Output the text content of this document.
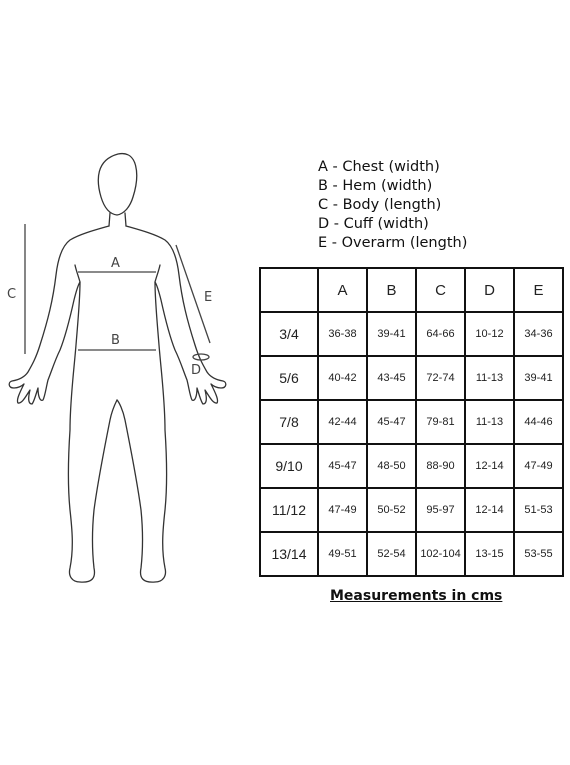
A
B
C
D
E
A - Chest (width)
B - Hem (width)
C - Body (length)
D - Cuff (width)
E - Overarm (length)
	A	B	C	D	E
3/4	36-38	39-41	64-66	10-12	34-36
5/6	40-42	43-45	72-74	11-13	39-41
7/8	42-44	45-47	79-81	11-13	44-46
9/10	45-47	48-50	88-90	12-14	47-49
11/12	47-49	50-52	95-97	12-14	51-53
13/14	49-51	52-54	102-104	13-15	53-55
Measurements in cms
